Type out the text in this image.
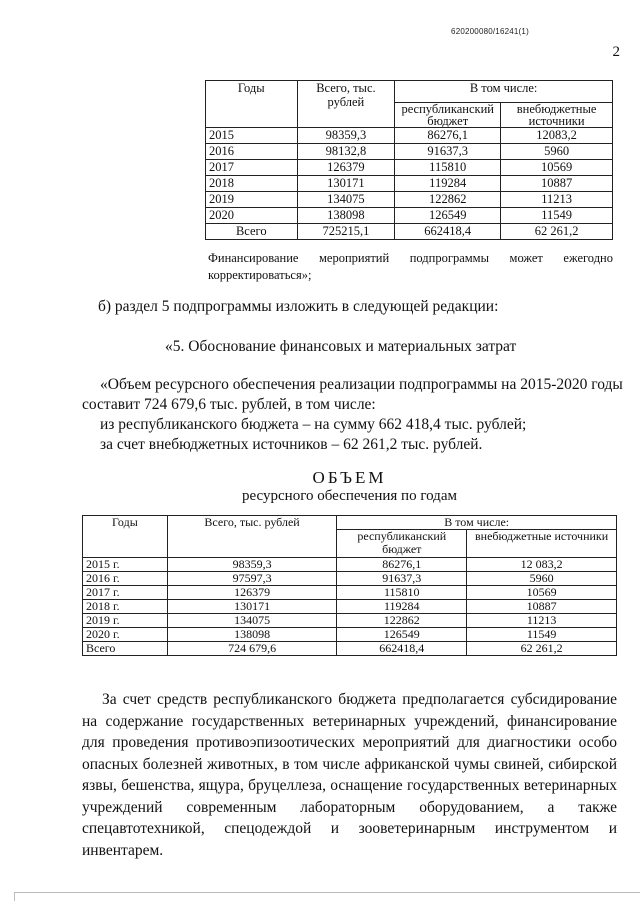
620200080/16241(1)
2
Годы	Всего, тыс. рублей	В том числе:	
		республиканский бюджет	внебюджетные источники
2015	98359,3	86276,1	12083,2
2016	98132,8	91637,3	5960
2017	126379	115810	10569
2018	130171	119284	10887
2019	134075	122862	11213
2020	138098	126549	11549
Всего	725215,1	662418,4	62 261,2
Финансирование мероприятий подпрограммы может ежегодно корректироваться»;
б) раздел 5 подпрограммы изложить в следующей редакции:
«5. Обоснование финансовых и материальных затрат
«Объем ресурсного обеспечения реализации подпрограммы на 2015-2020 годы
составит 724 679,6 тыс. рублей, в том числе:
из республиканского бюджета – на сумму 662 418,4 тыс. рублей;
за счет внебюджетных источников – 62 261,2 тыс. рублей.
ОБЪЕМ
ресурсного обеспечения по годам
Годы	Всего, тыс. рублей	В том числе:	
		республиканский бюджет	внебюджетные источники
2015 г.	98359,3	86276,1	12 083,2
2016 г.	97597,3	91637,3	5960
2017 г.	126379	115810	10569
2018 г.	130171	119284	10887
2019 г.	134075	122862	11213
2020 г.	138098	126549	11549
Всего	724 679,6	662418,4	62 261,2
За счет средств республиканского бюджета предполагается субсидирование на содержание государственных ветеринарных учреждений, финансирование для проведения противоэпизоотических мероприятий для диагностики особо опасных болезней животных, в том числе африканской чумы свиней, сибирской язвы, бешенства, ящура, бруцеллеза, оснащение государственных ветеринарных учреждений современным лабораторным оборудованием, а также спецавтотехникой, спецодеждой и зооветеринарным инструментом и инвентарем.
